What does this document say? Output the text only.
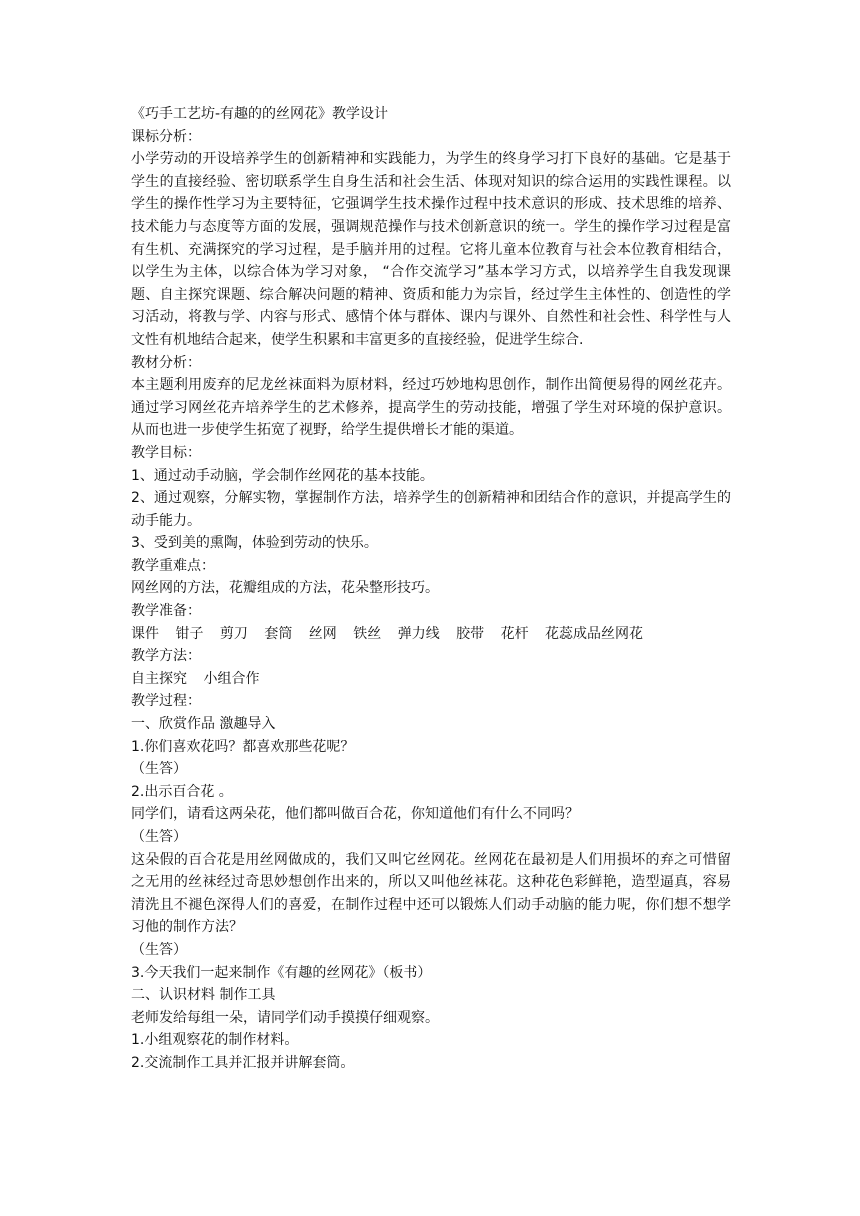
《巧手工艺坊-有趣的的丝网花》教学设计

课标分析：

小学劳动的开设培养学生的创新精神和实践能力，为学生的终身学习打下良好的基础。它是基于学生的直接经验、密切联系学生自身生活和社会生活、体现对知识的综合运用的实践性课程。以学生的操作性学习为主要特征，它强调学生技术操作过程中技术意识的形成、技术思维的培养、技术能力与态度等方面的发展，强调规范操作与技术创新意识的统一。学生的操作学习过程是富有生机、充满探究的学习过程，是手脑并用的过程。它将儿童本位教育与社会本位教育相结合，以学生为主体，以综合体为学习对象， “合作交流学习”基本学习方式，以培养学生自我发现课题、自主探究课题、综合解决问题的精神、资质和能力为宗旨，经过学生主体性的、创造性的学习活动，将教与学、内容与形式、感情个体与群体、课内与课外、自然性和社会性、科学性与人文性有机地结合起来，使学生积累和丰富更多的直接经验，促进学生综合.

教材分析：

本主题利用废弃的尼龙丝袜面料为原材料，经过巧妙地构思创作，制作出简便易得的网丝花卉。通过学习网丝花卉培养学生的艺术修养，提高学生的劳动技能，增强了学生对环境的保护意识。从而也进一步使学生拓宽了视野，给学生提供增长才能的渠道。

教学目标：

1、通过动手动脑，学会制作丝网花的基本技能。

2、通过观察，分解实物，掌握制作方法，培养学生的创新精神和团结合作的意识，并提高学生的动手能力。

3、受到美的熏陶，体验到劳动的快乐。

教学重难点：

网丝网的方法，花瓣组成的方法，花朵整形技巧。

教学准备：

课件 钳子 剪刀 套筒 丝网 铁丝 弹力线 胶带 花杆 花蕊成品丝网花

教学方法：

自主探究 小组合作

教学过程：

一、欣赏作品 激趣导入

1.你们喜欢花吗？都喜欢那些花呢？

（生答）

2.出示百合花 。

同学们，请看这两朵花，他们都叫做百合花，你知道他们有什么不同吗？

（生答）

这朵假的百合花是用丝网做成的，我们又叫它丝网花。丝网花在最初是人们用损坏的弃之可惜留之无用的丝袜经过奇思妙想创作出来的，所以又叫他丝袜花。这种花色彩鲜艳，造型逼真，容易清洗且不褪色深得人们的喜爱，在制作过程中还可以锻炼人们动手动脑的能力呢，你们想不想学习他的制作方法？

（生答）

3.今天我们一起来制作《有趣的丝网花》（板书）

二、认识材料 制作工具

老师发给每组一朵，请同学们动手摸摸仔细观察。

1.小组观察花的制作材料。

2.交流制作工具并汇报并讲解套筒。
